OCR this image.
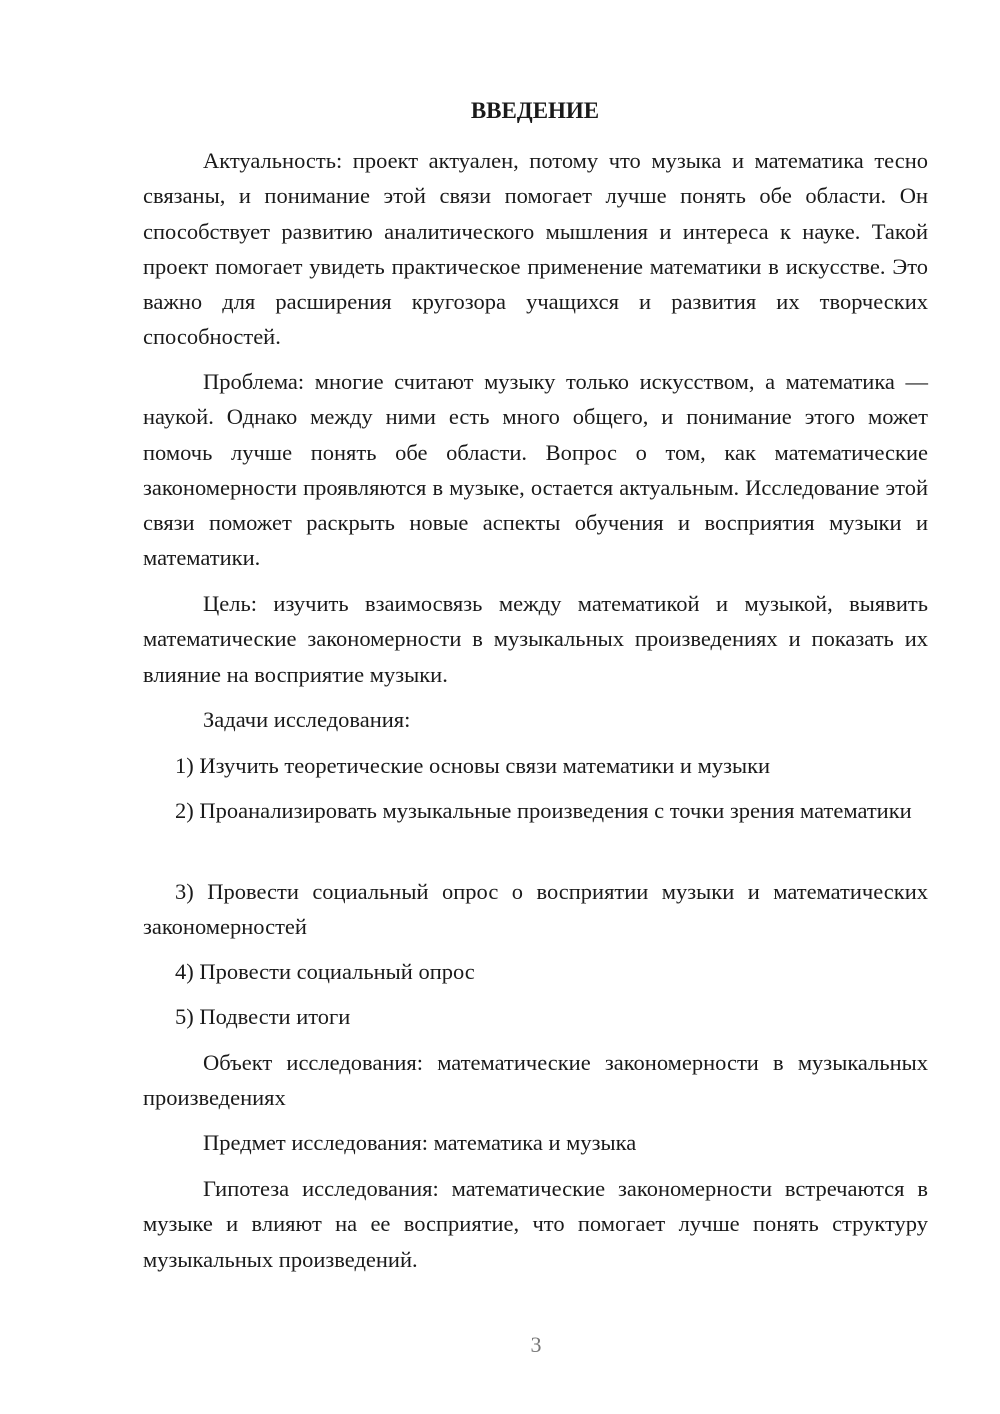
ВВЕДЕНИЕ

Актуальность: проект актуален, потому что музыка и математика тесно связаны, и понимание этой связи помогает лучше понять обе области. Он способствует развитию аналитического мышления и интереса к науке. Такой проект помогает увидеть практическое применение математики в искусстве. Это важно для расширения кругозора учащихся и развития их творческих способностей.

Проблема: многие считают музыку только искусством, а математика — наукой. Однако между ними есть много общего, и понимание этого может помочь лучше понять обе области. Вопрос о том, как математические закономерности проявляются в музыке, остается актуальным. Исследование этой связи поможет раскрыть новые аспекты обучения и восприятия музыки и математики.

Цель: изучить взаимосвязь между математикой и музыкой, выявить математические закономерности в музыкальных произведениях и показать их влияние на восприятие музыки.

Задачи исследования:

1) Изучить теоретические основы связи математики и музыки

2) Проанализировать музыкальные произведения с точки зрения математики

3) Провести социальный опрос о восприятии музыки и математических закономерностей

4) Провести социальный опрос

5) Подвести итоги

Объект исследования: математические закономерности в музыкальных произведениях

Предмет исследования: математика и музыка

Гипотеза исследования: математические закономерности встречаются в музыке и влияют на ее восприятие, что помогает лучше понять структуру музыкальных произведений.

3
